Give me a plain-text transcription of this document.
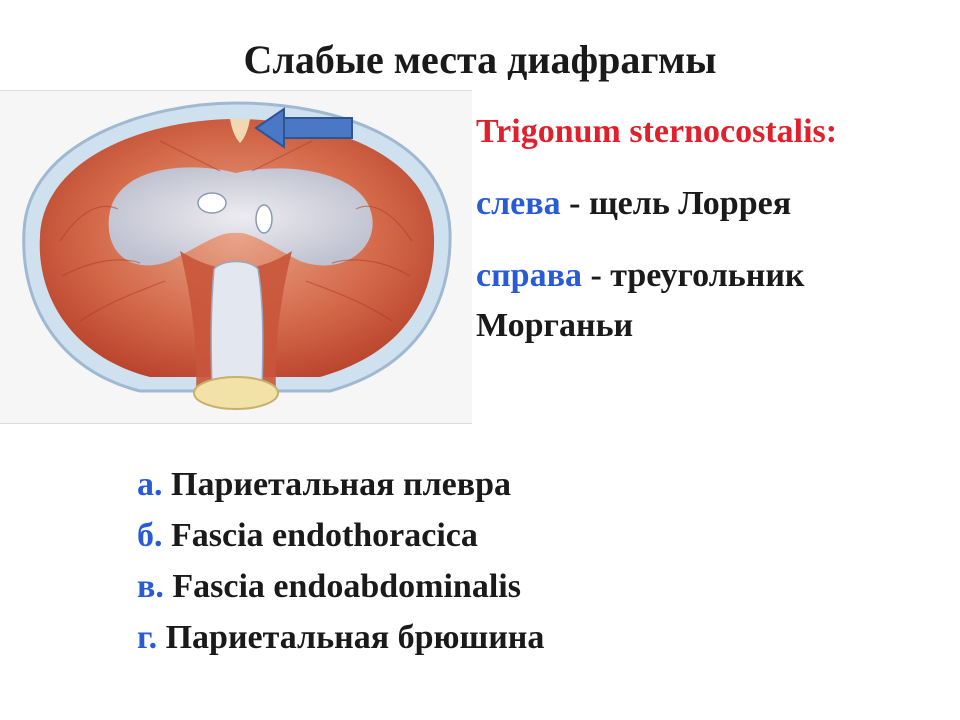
Слабые места диафрагмы
Trigonum sternocostalis:
слева - щель Лоррея
справа - треугольник
Морганьи
а. Париетальная плевра
б. Fascia endothoracica
в. Fascia endoabdominalis
г. Париетальная брюшина
